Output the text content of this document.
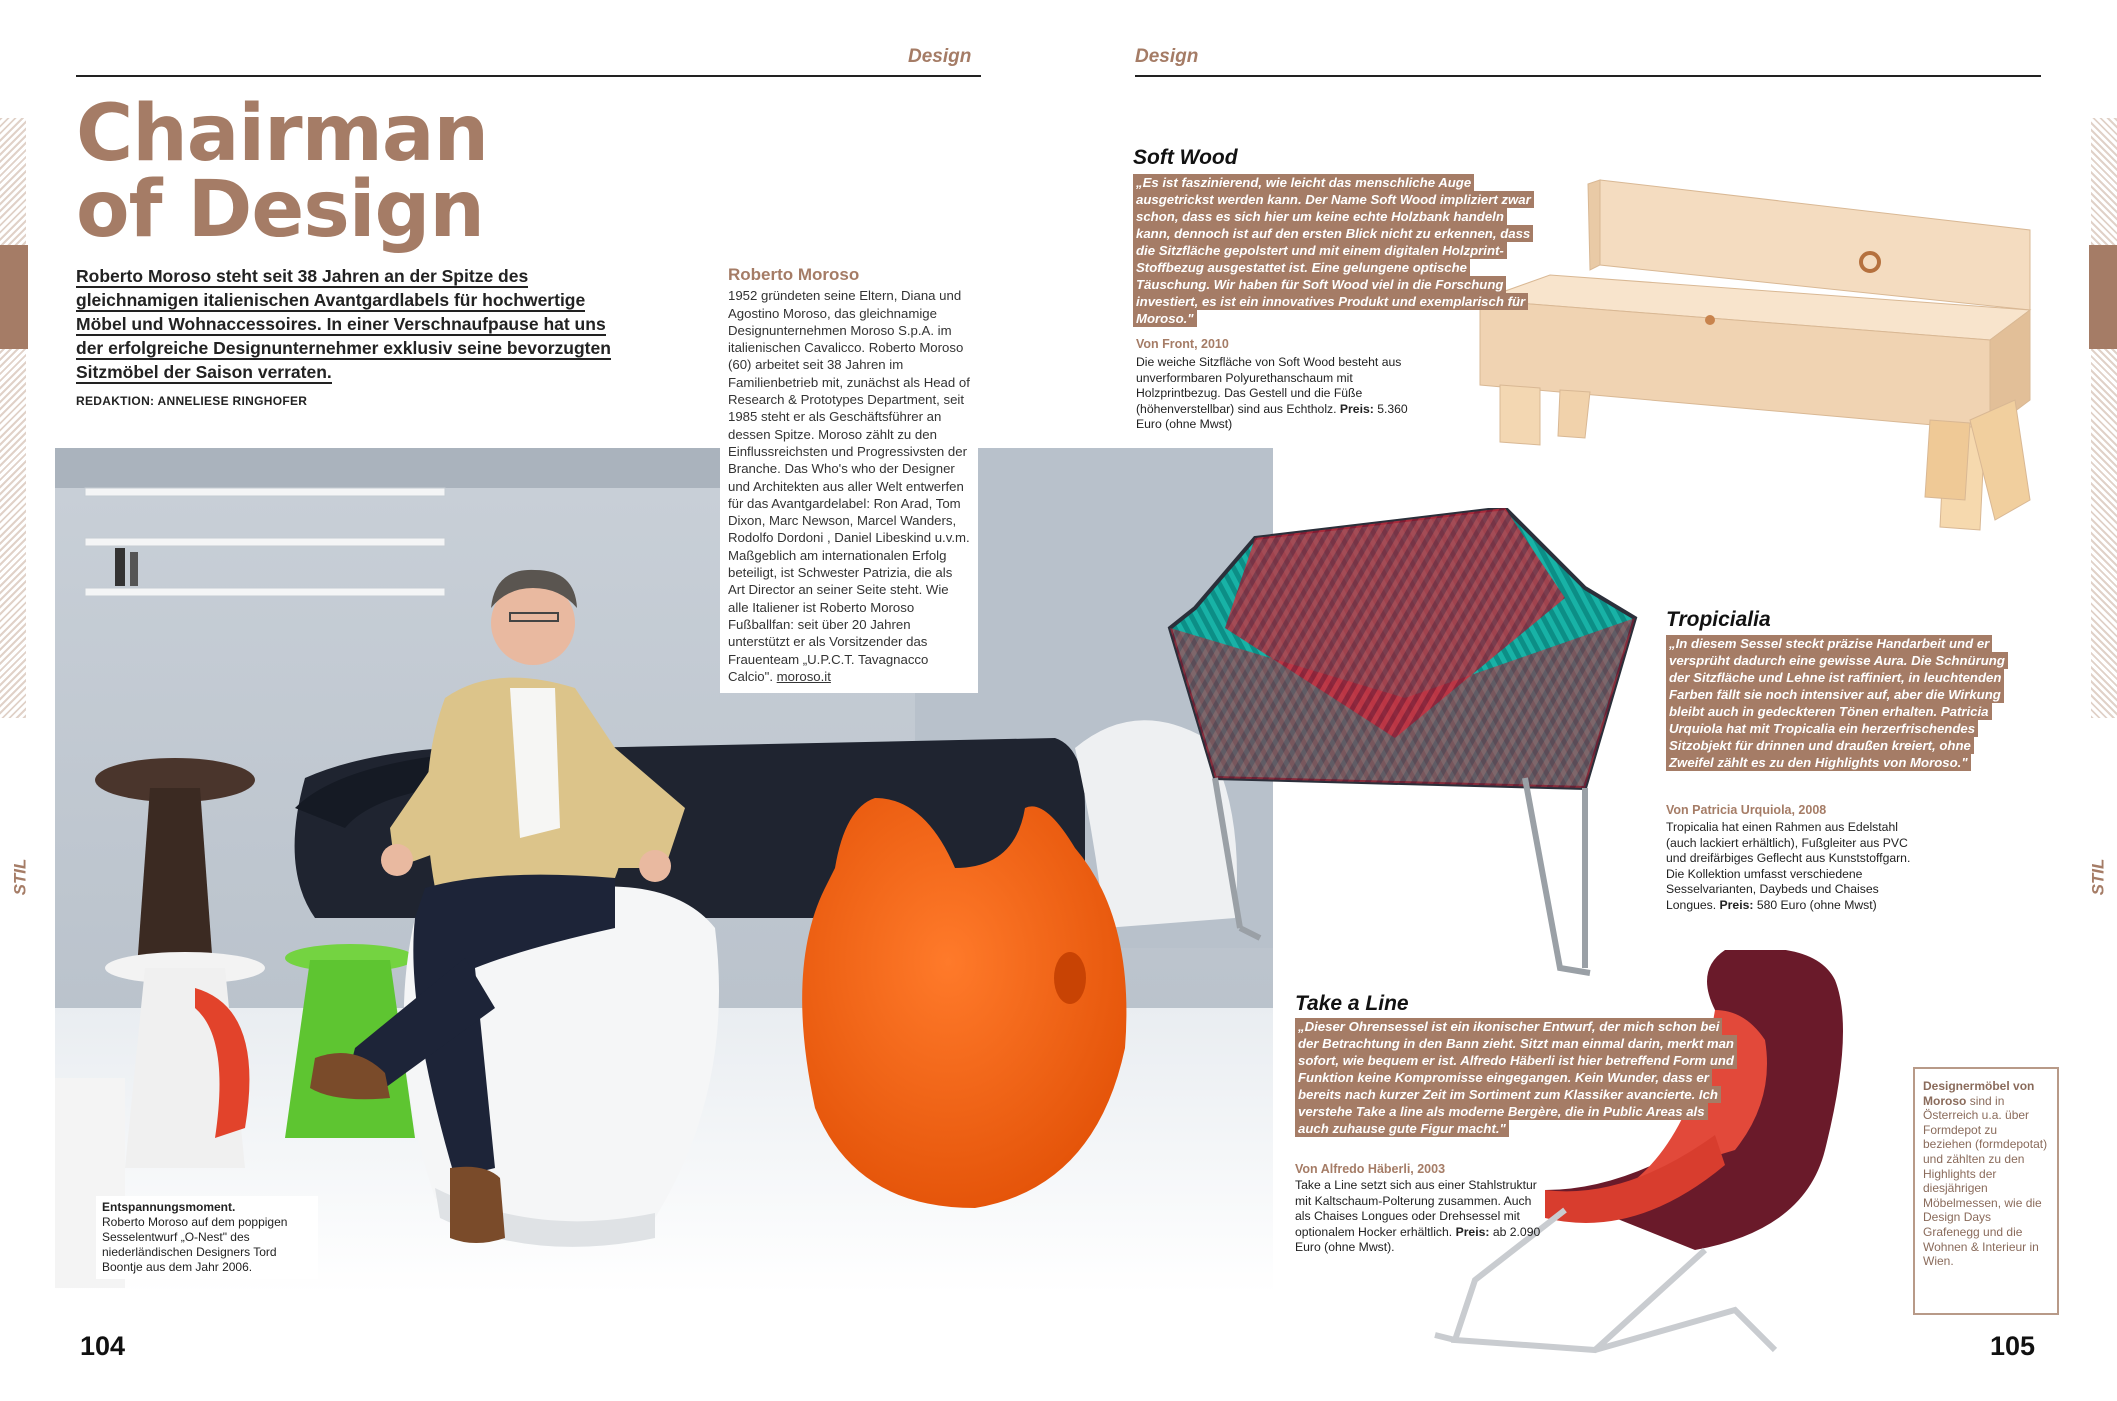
Design	Design
STIL	STIL
Chairman
of Design
Roberto Moroso steht seit 38 Jahren an der Spitze des
gleichnamigen italienischen Avantgardlabels für hochwertige
Möbel und Wohnaccessoires. In einer Verschnaufpause hat uns
der erfolgreiche Designunternehmer exklusiv seine bevorzugten
Sitzmöbel der Saison verraten.
REDAKTION: ANNELIESE RINGHOFER
Roberto Moroso
1952 gründeten seine Eltern, Diana und Agostino Moroso, das gleichnamige Designunternehmen Moroso S.p.A. im italienischen Cavalicco. Roberto Moroso (60) arbeitet seit 38 Jahren im Familienbetrieb mit, zunächst als Head of Research & Prototypes Department, seit 1985 steht er als Geschäftsführer an dessen Spitze. Moroso zählt zu den Einflussreichsten und Progressivsten der Branche. Das Who's who der Designer und Architekten aus aller Welt entwerfen für das Avantgardelabel: Ron Arad, Tom Dixon, Marc Newson, Marcel Wanders, Rodolfo Dordoni , Daniel Libeskind u.v.m. Maßgeblich am internationalen Erfolg beteiligt, ist Schwester Patrizia, die als Art Director an seiner Seite steht. Wie alle Italiener ist Roberto Moroso Fußballfan: seit über 20 Jahren unterstützt er als Vorsitzender das Frauenteam „U.P.C.T. Tavagnacco Calcio". moroso.it
Entspannungsmoment.
Roberto Moroso auf dem poppigen Sesselentwurf „O-Nest" des niederländischen Designers Tord Boontje aus dem Jahr 2006.
104	105
Soft Wood
„Es ist faszinierend, wie leicht das menschliche Auge ausgetrickst werden kann. Der Name Soft Wood impliziert zwar schon, dass es sich hier um keine echte Holzbank handeln kann, dennoch ist auf den ersten Blick nicht zu erkennen, dass die Sitzfläche gepolstert und mit einem digitalen Holzprint-Stoffbezug ausgestattet ist. Eine gelungene optische Täuschung. Wir haben für Soft Wood viel in die Forschung investiert, es ist ein innovatives Produkt und exemplarisch für Moroso."
Von Front, 2010
Die weiche Sitzfläche von Soft Wood besteht aus unverformbaren Polyurethanschaum mit Holzprintbezug. Das Gestell und die Füße (höhenverstellbar) sind aus Echtholz. Preis: 5.360 Euro (ohne Mwst)
Tropicialia
„In diesem Sessel steckt präzise Handarbeit und er versprüht dadurch eine gewisse Aura. Die Schnürung der Sitzfläche und Lehne ist raffiniert, in leuchtenden Farben fällt sie noch intensiver auf, aber die Wirkung bleibt auch in gedeckteren Tönen erhalten. Patricia Urquiola hat mit Tropicalia ein herzerfrischendes Sitzobjekt für drinnen und draußen kreiert, ohne Zweifel zählt es zu den Highlights von Moroso."
Von Patricia Urquiola, 2008
Tropicalia hat einen Rahmen aus Edelstahl (auch lackiert erhältlich), Fußgleiter aus PVC und dreifärbiges Geflecht aus Kunststoffgarn. Die Kollektion umfasst verschiedene Sesselvarianten, Daybeds und Chaises Longues. Preis: 580 Euro (ohne Mwst)
Take a Line
„Dieser Ohrensessel ist ein ikonischer Entwurf, der mich schon bei der Betrachtung in den Bann zieht. Sitzt man einmal darin, merkt man sofort, wie bequem er ist. Alfredo Häberli ist hier betreffend Form und Funktion keine Kompromisse eingegangen. Kein Wunder, dass er bereits nach kurzer Zeit im Sortiment zum Klassiker avancierte. Ich verstehe Take a line als moderne Bergère, die in Public Areas als auch zuhause gute Figur macht."
Von Alfredo Häberli, 2003
Take a Line setzt sich aus einer Stahlstruktur mit Kaltschaum-Polterung zusammen. Auch als Chaises Longues oder Drehsessel mit optionalem Hocker erhältlich. Preis: ab 2.090 Euro (ohne Mwst).
Designermöbel von Moroso sind in Österreich u.a. über Formdepot zu beziehen (formdepotat) und zählten zu den Highlights der diesjährigen Möbelmessen, wie die Design Days Grafenegg und die Wohnen & Interieur in Wien.
